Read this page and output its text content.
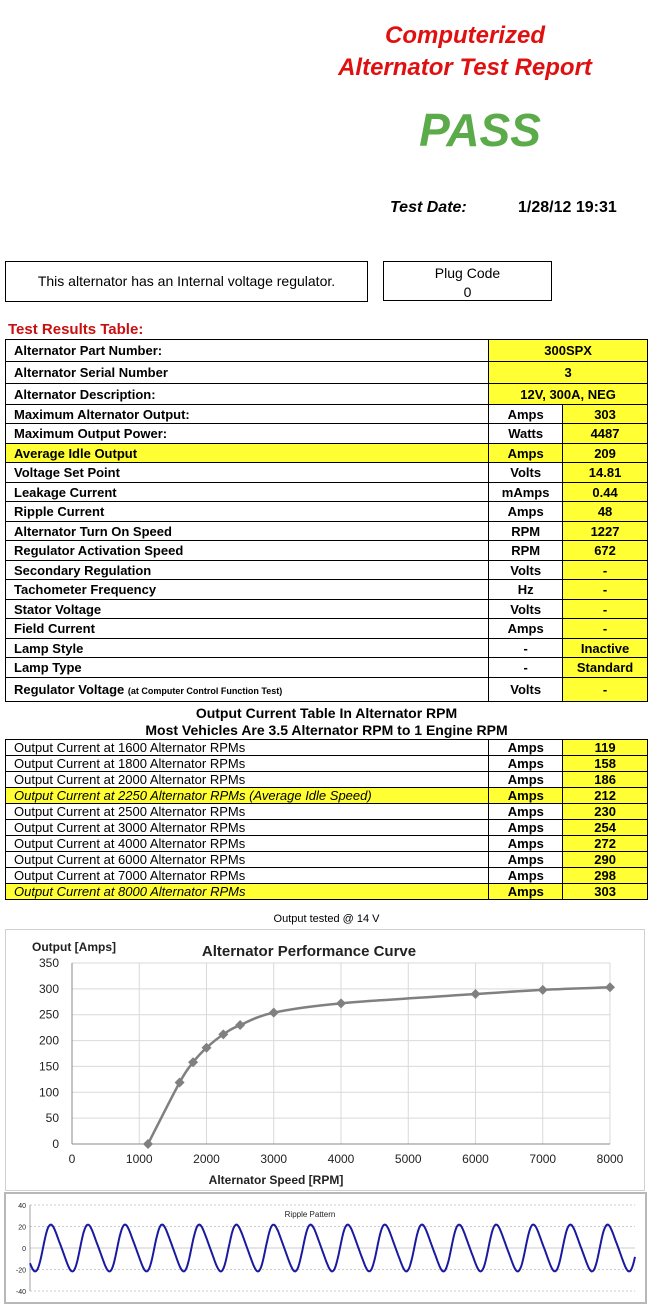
Computerized
Alternator Test Report
PASS
Test Date:	1/28/12 19:31
This alternator has an Internal voltage regulator.	Plug Code
0
Test Results Table:
Alternator Part Number:	300SPX	
Alternator Serial Number	3	
Alternator Description:	12V, 300A, NEG	
Maximum Alternator Output:	Amps	303
Maximum Output Power:	Watts	4487
Average Idle Output	Amps	209
Voltage Set Point	Volts	14.81
Leakage Current	mAmps	0.44
Ripple Current	Amps	48
Alternator Turn On Speed	RPM	1227
Regulator Activation Speed	RPM	672
Secondary Regulation	Volts	-
Tachometer Frequency	Hz	-
Stator Voltage	Volts	-
Field Current	Amps	-
Lamp Style	-	Inactive
Lamp Type	-	Standard
Regulator Voltage (at Computer Control Function Test)	Volts	-
Output Current Table In Alternator RPM
Most Vehicles Are 3.5 Alternator RPM to 1 Engine RPM
Output Current at 1600 Alternator RPMs	Amps	119
Output Current at 1800 Alternator RPMs	Amps	158
Output Current at 2000 Alternator RPMs	Amps	186
Output Current at 2250 Alternator RPMs (Average Idle Speed)	Amps	212
Output Current at 2500 Alternator RPMs	Amps	230
Output Current at 3000 Alternator RPMs	Amps	254
Output Current at 4000 Alternator RPMs	Amps	272
Output Current at 6000 Alternator RPMs	Amps	290
Output Current at 7000 Alternator RPMs	Amps	298
Output Current at 8000 Alternator RPMs	Amps	303
Output tested @ 14 V
Alternator Performance Curve
Output [Amps]
Alternator Speed [RPM]
0	1000	2000	3000	4000	5000	6000	7000	8000
0
50
100
150
200
250
300
350
Ripple Pattern
-40
-20
0
20
40
